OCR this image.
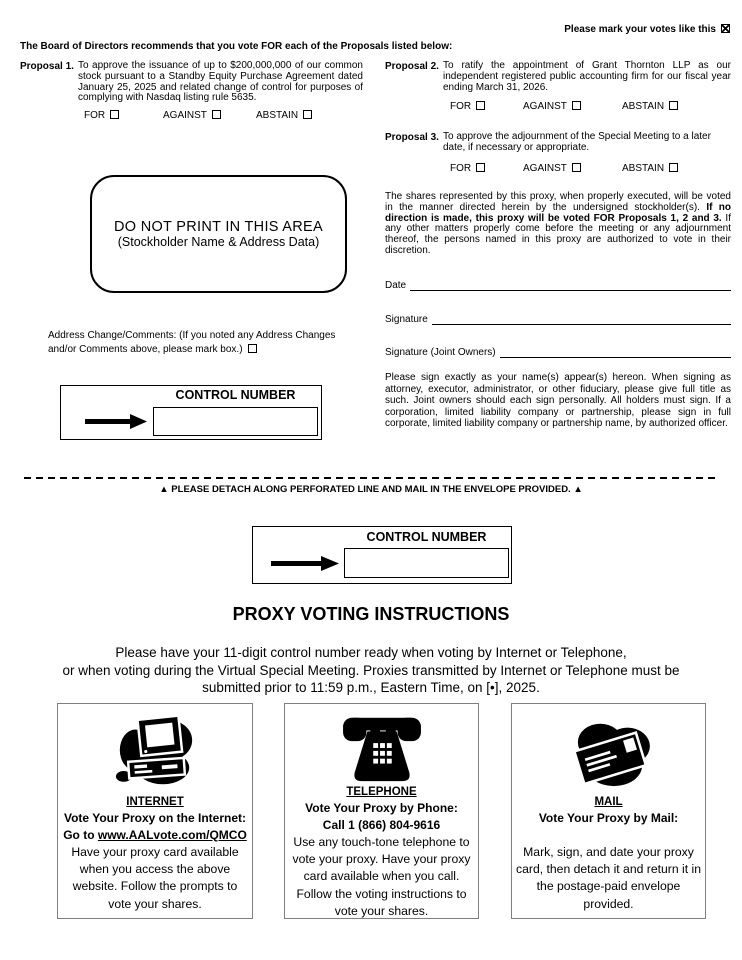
Please mark your votes like this
The Board of Directors recommends that you vote FOR each of the Proposals listed below:
Proposal 1. To approve the issuance of up to $200,000,000 of our common stock pursuant to a Standby Equity Purchase Agreement dated January 25, 2025 and related change of control for purposes of complying with Nasdaq listing rule 5635.
FOR	AGAINST	ABSTAIN
Proposal 2. To ratify the appointment of Grant Thornton LLP as our independent registered public accounting firm for our fiscal year ending March 31, 2026.
FOR	AGAINST	ABSTAIN
Proposal 3. To approve the adjournment of the Special Meeting to a later date, if necessary or appropriate.
FOR	AGAINST	ABSTAIN
The shares represented by this proxy, when properly executed, will be voted in the manner directed herein by the undersigned stockholder(s). If no direction is made, this proxy will be voted FOR Proposals 1, 2 and 3. If any other matters properly come before the meeting or any adjournment thereof, the persons named in this proxy are authorized to vote in their discretion.
DO NOT PRINT IN THIS AREA
(Stockholder Name & Address Data)
Date
Signature
Signature (Joint Owners)
Please sign exactly as your name(s) appear(s) hereon. When signing as attorney, executor, administrator, or other fiduciary, please give full title as such. Joint owners should each sign personally. All holders must sign. If a corporation, limited liability company or partnership, please sign in full corporate, limited liability company or partnership name, by authorized officer.
Address Change/Comments: (If you noted any Address Changes and/or Comments above, please mark box.)
CONTROL NUMBER
▲ PLEASE DETACH ALONG PERFORATED LINE AND MAIL IN THE ENVELOPE PROVIDED. ▲
CONTROL NUMBER
PROXY VOTING INSTRUCTIONS
Please have your 11-digit control number ready when voting by Internet or Telephone,
or when voting during the Virtual Special Meeting. Proxies transmitted by Internet or Telephone must be
submitted prior to 11:59 p.m., Eastern Time, on [•], 2025.
INTERNET
Vote Your Proxy on the Internet:
Go to www.AALvote.com/QMCO
Have your proxy card available when you access the above website. Follow the prompts to vote your shares.
TELEPHONE
Vote Your Proxy by Phone:
Call 1 (866) 804-9616
Use any touch-tone telephone to vote your proxy. Have your proxy card available when you call. Follow the voting instructions to vote your shares.
MAIL
Vote Your Proxy by Mail:
Mark, sign, and date your proxy card, then detach it and return it in the postage-paid envelope provided.
